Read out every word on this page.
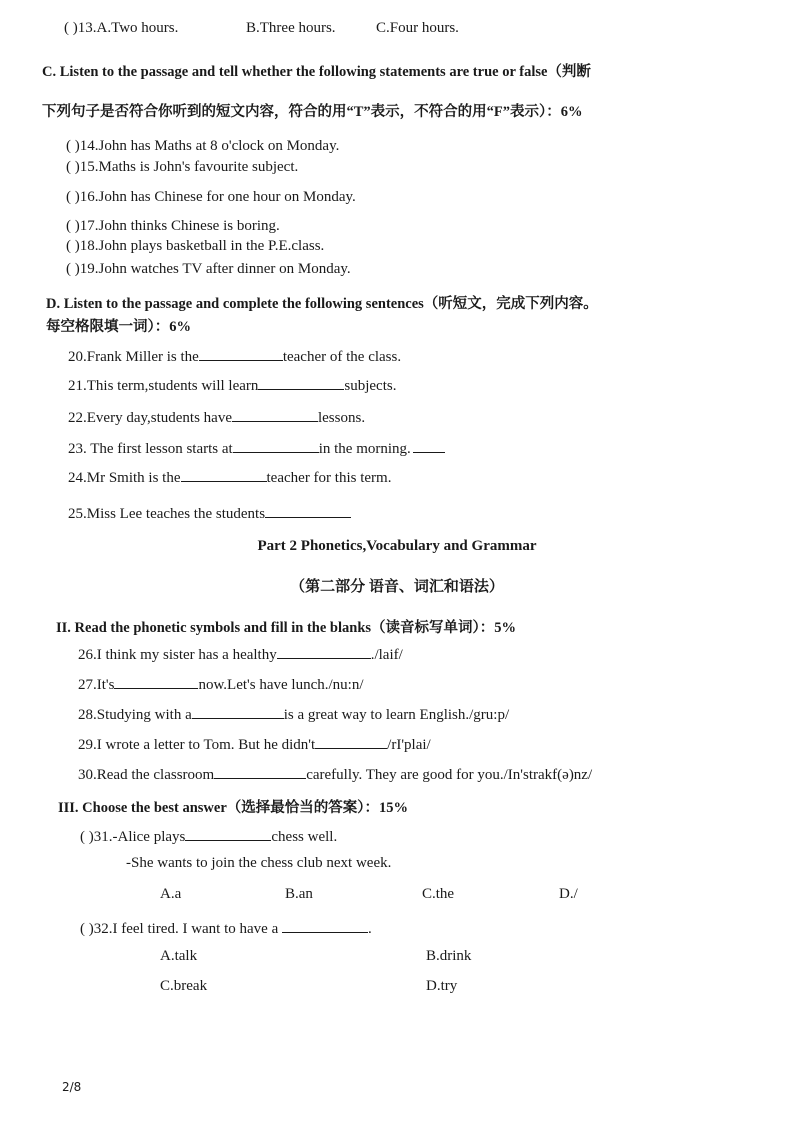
( )13.A.Two hours.	B.Three hours.	C.Four hours.
C. Listen to the passage and tell whether the following statements are true or false（判断
下列句子是否符合你听到的短文内容，符合的用“T”表示，不符合的用“F”表示）：6%
( )14.John has Maths at 8 o'clock on Monday.
( )15.Maths is John's favourite subject.
( )16.John has Chinese for one hour on Monday.
( )17.John thinks Chinese is boring.
( )18.John plays basketball in the P.E.class.
( )19.John watches TV after dinner on Monday.
D. Listen to the passage and complete the following sentences（听短文，完成下列内容。
每空格限填一词）：6%
20.Frank Miller is the	teacher of the class.
21.This term,students will learn	subjects.
22.Every day,students have	lessons.
23. The first lesson starts at	in the morning.
24.Mr Smith is the	teacher for this term.
25.Miss Lee teaches the students
Part 2 Phonetics,Vocabulary and Grammar
（第二部分 语音、词汇和语法）
II. Read the phonetic symbols and fill in the blanks（读音标写单词）：5%
26.I think my sister has a healthy	./laif/
27.It's	now.Let's have lunch./nu:n/
28.Studying with a	is a great way to learn English./gru:p/
29.I wrote a letter to Tom. But he didn't	/rI'plai/
30.Read the classroom	carefully. They are good for you./In'strakf(ə)nz/
III. Choose the best answer（选择最恰当的答案）：15%
( )31.-Alice plays	chess well.
-She wants to join the chess club next week.
A.a	B.an	C.the	D./
( )32.I feel tired. I want to have a	.
A.talk	B.drink
C.break	D.try
2/8
